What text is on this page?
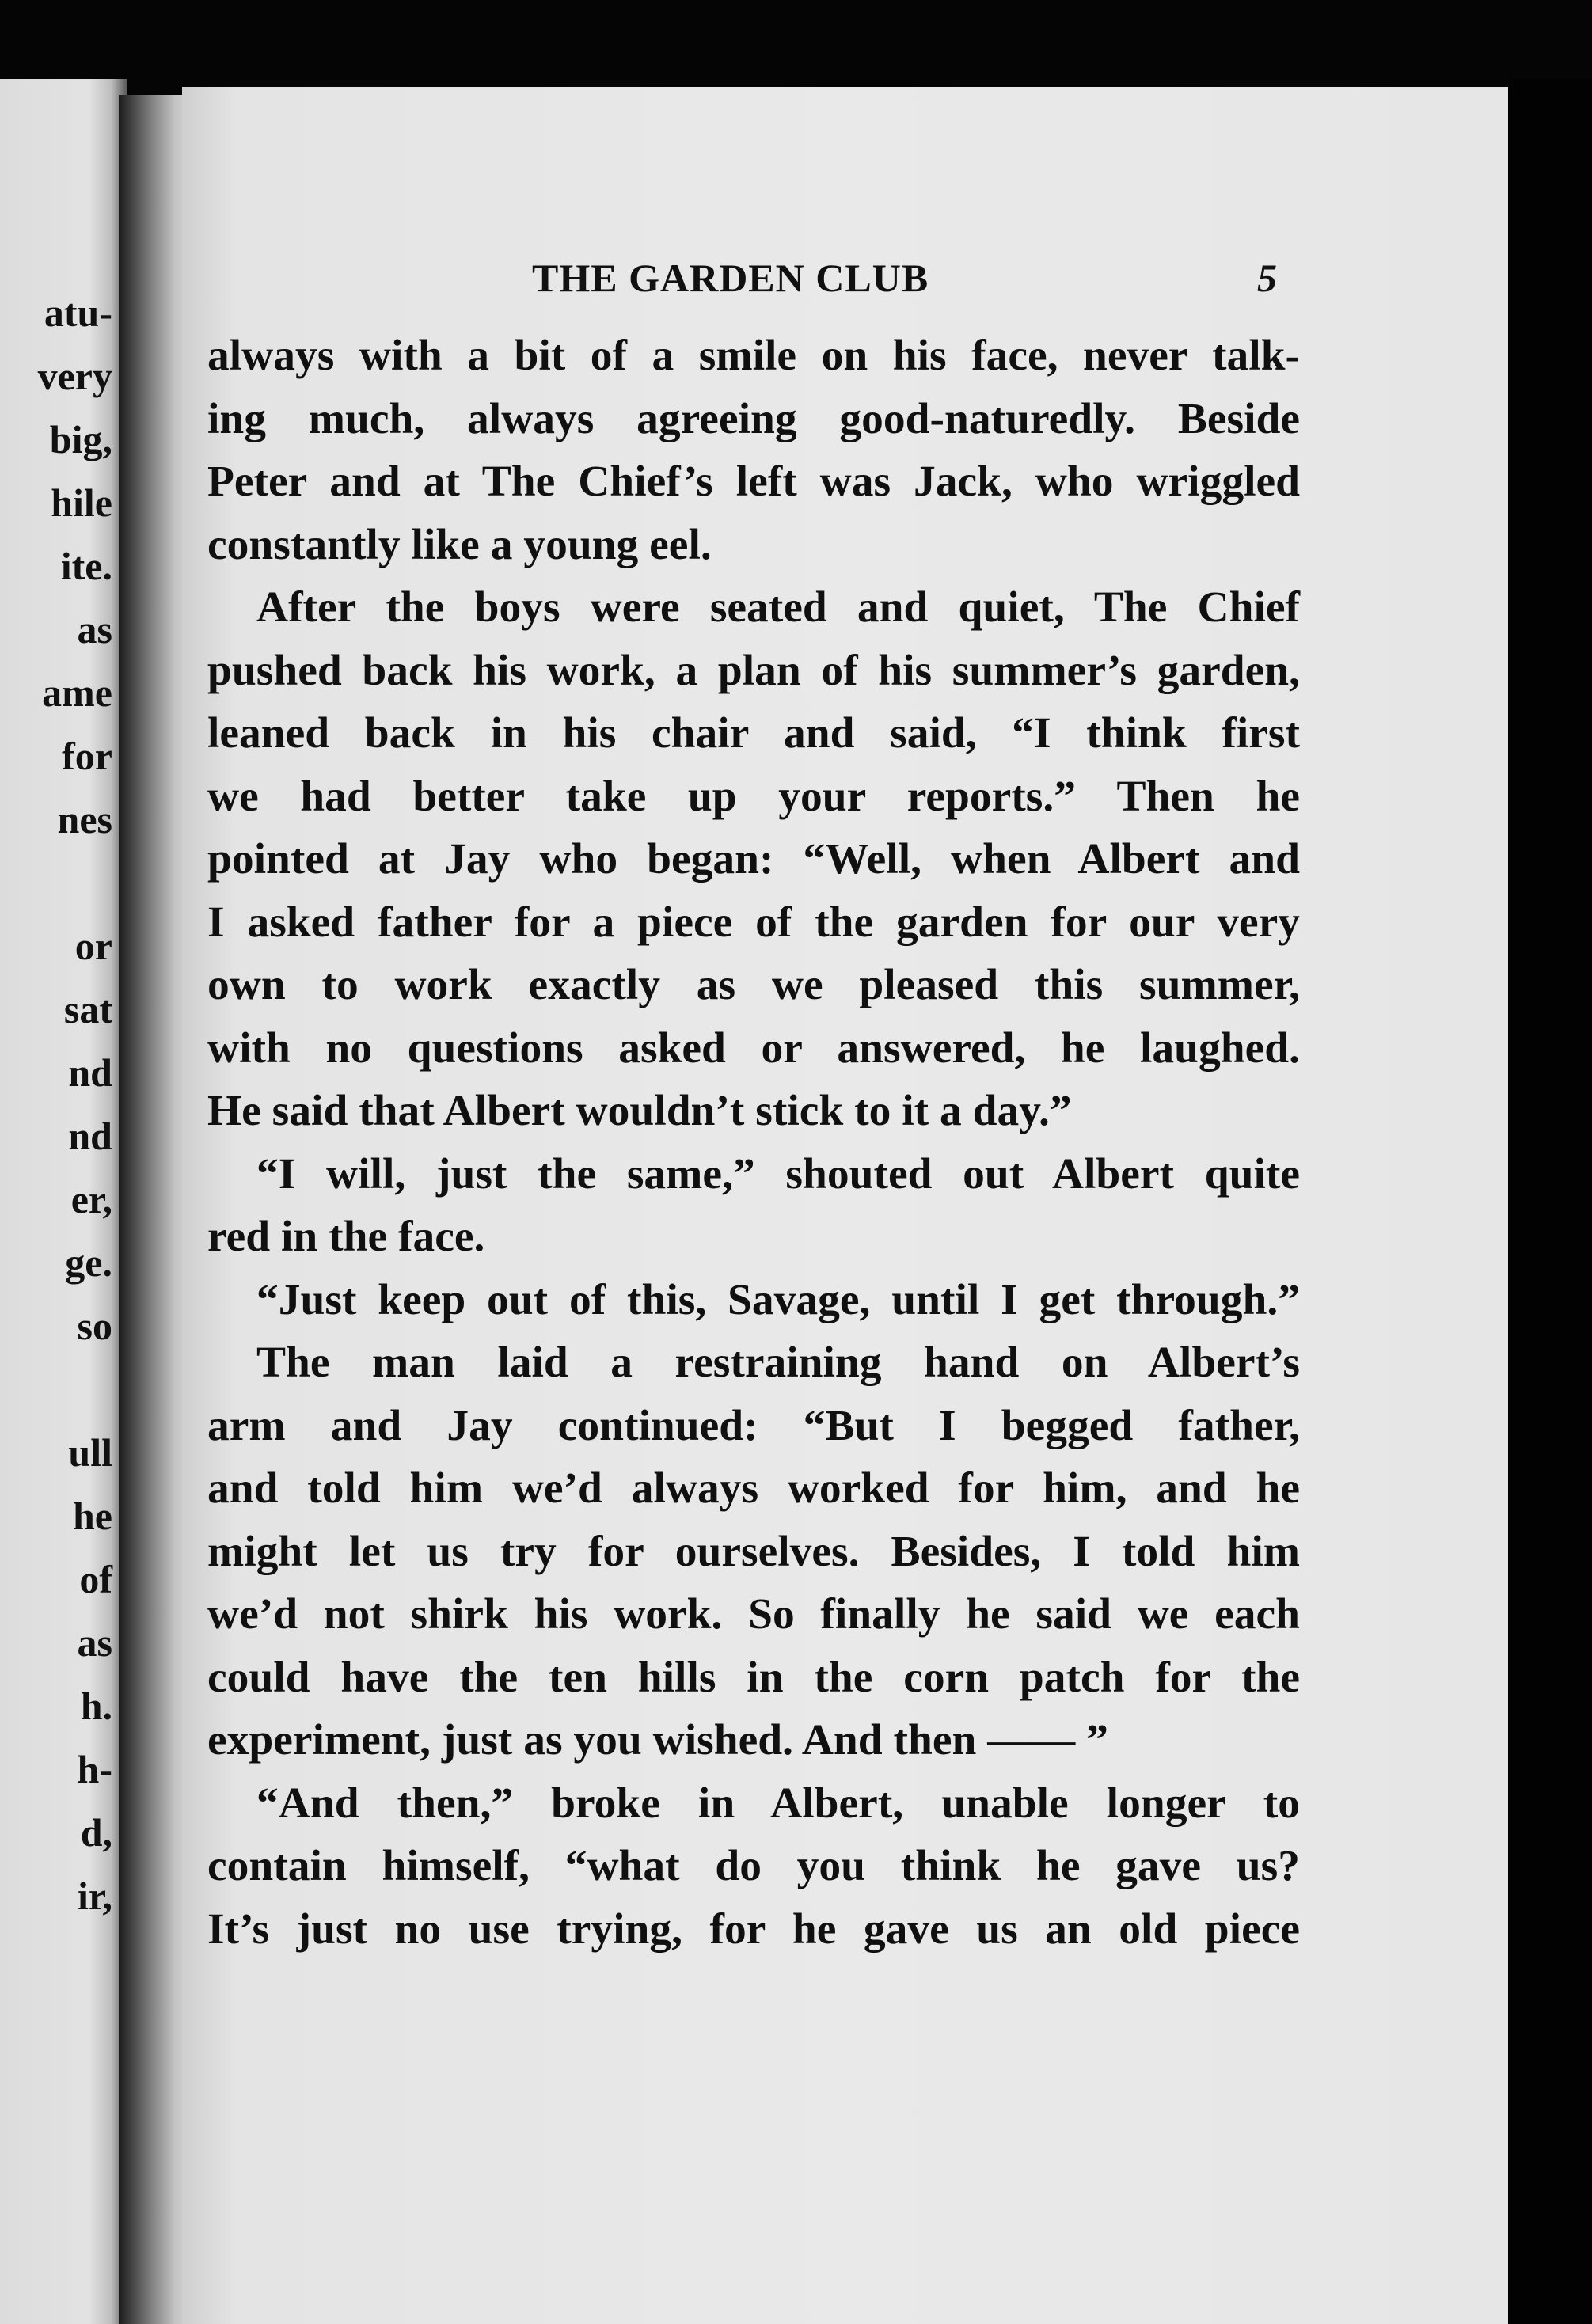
atu-
very
big,
hile
ite.
as
ame
for
nes
or
sat
nd
nd
er,
ge.
so
ull
he
of
as
h.
h-
d,
ir,
THE GARDEN CLUB	5
always with a bit of a smile on his face, never talk-
ing much, always agreeing good-naturedly. Beside
Peter and at The Chief’s left was Jack, who wriggled
constantly like a young eel.
After the boys were seated and quiet, The Chief
pushed back his work, a plan of his summer’s garden,
leaned back in his chair and said, “I think first
we had better take up your reports.” Then he
pointed at Jay who began: “Well, when Albert and
I asked father for a piece of the garden for our very
own to work exactly as we pleased this summer,
with no questions asked or answered, he laughed.
He said that Albert wouldn’t stick to it a day.”
“I will, just the same,” shouted out Albert quite
red in the face.
“Just keep out of this, Savage, until I get through.”
The man laid a restraining hand on Albert’s
arm and Jay continued: “But I begged father,
and told him we’d always worked for him, and he
might let us try for ourselves. Besides, I told him
we’d not shirk his work. So finally he said we each
could have the ten hills in the corn patch for the
experiment, just as you wished. And then —— ”
“And then,” broke in Albert, unable longer to
contain himself, “what do you think he gave us?
It’s just no use trying, for he gave us an old piece
